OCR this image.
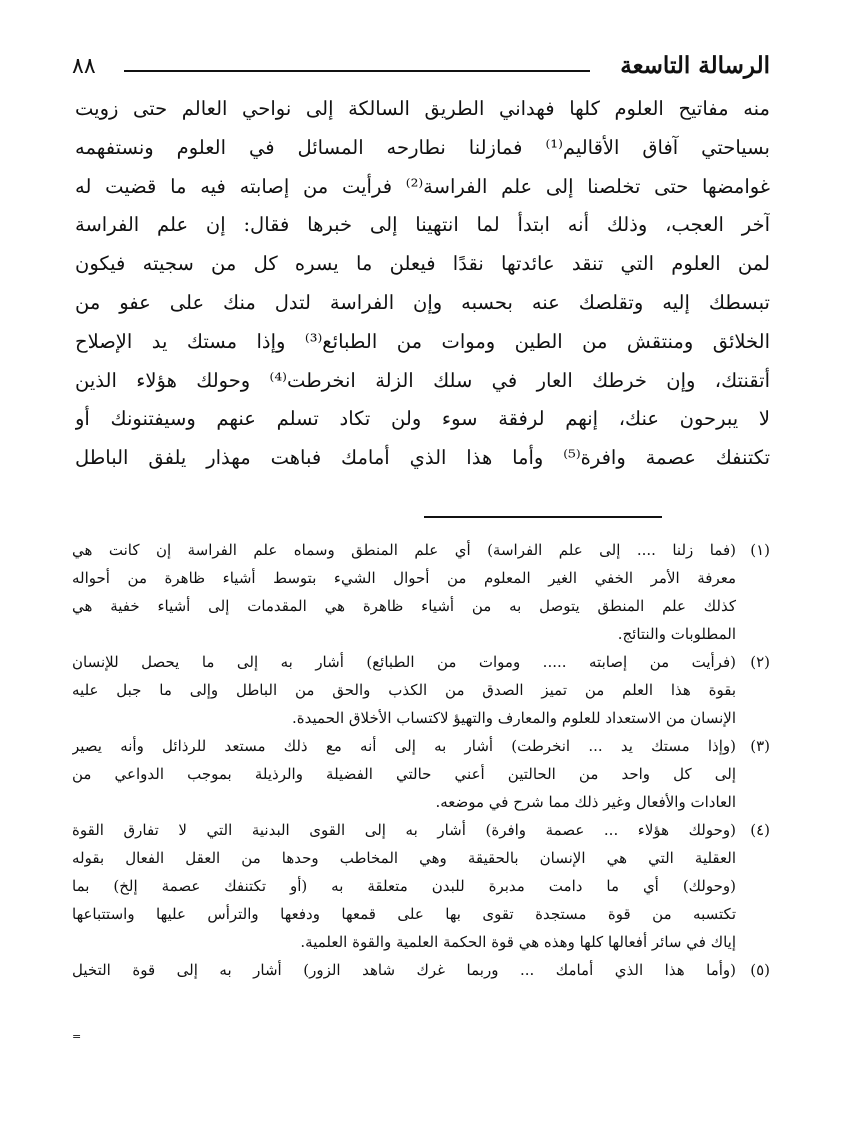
٨٨	الرسالة التاسعة
منه مفاتيح العلوم كلها فهداني الطريق السالكة إلى نواحي العالم حتى زويت
بسياحتي آفاق الأقاليم⁽¹⁾ فمازلنا نطارحه المسائل في العلوم ونستفهمه
غوامضها حتى تخلصنا إلى علم الفراسة⁽²⁾ فرأيت من إصابته فيه ما قضيت له
آخر العجب، وذلك أنه ابتدأ لما انتهينا إلى خبرها فقال: إن علم الفراسة
لمن العلوم التي تنقد عائدتها نقدًا فيعلن ما يسره كل من سجيته فيكون
تبسطك إليه وتقلصك عنه بحسبه وإن الفراسة لتدل منك على عفو من
الخلائق ومنتقش من الطين وموات من الطبائع⁽³⁾ وإذا مستك يد الإصلاح
أتقنتك، وإن خرطك العار في سلك الزلة انخرطت⁽⁴⁾ وحولك هؤلاء الذين
لا يبرحون عنك، إنهم لرفقة سوء ولن تكاد تسلم عنهم وسيفتنونك أو
تكتنفك عصمة وافرة⁽⁵⁾ وأما هذا الذي أمامك فباهت مهذار يلفق الباطل
(١)(فما زلنا .... إلى علم الفراسة) أي علم المنطق وسماه علم الفراسة إن كانت هي
معرفة الأمر الخفي الغير المعلوم من أحوال الشيء بتوسط أشياء ظاهرة من أحواله
كذلك علم المنطق يتوصل به من أشياء ظاهرة هي المقدمات إلى أشياء خفية هي
المطلوبات والنتائج.
(٢)(فرأيت من إصابته ..... وموات من الطبائع) أشار به إلى ما يحصل للإنسان
بقوة هذا العلم من تميز الصدق من الكذب والحق من الباطل وإلى ما جبل عليه
الإنسان من الاستعداد للعلوم والمعارف والتهيؤ لاكتساب الأخلاق الحميدة.
(٣)(وإذا مستك يد ... انخرطت) أشار به إلى أنه مع ذلك مستعد للرذائل وأنه يصير
إلى كل واحد من الحالتين أعني حالتي الفضيلة والرذيلة بموجب الدواعي من
العادات والأفعال وغير ذلك مما شرح في موضعه.
(٤)(وحولك هؤلاء ... عصمة وافرة) أشار به إلى القوى البدنية التي لا تفارق القوة
العقلية التي هي الإنسان بالحقيقة وهي المخاطب وحدها من العقل الفعال بقوله
(وحولك) أي ما دامت مدبرة للبدن متعلقة به (أو تكتنفك عصمة إلخ) بما
تكتسبه من قوة مستجدة تقوى بها على قمعها ودفعها والترأس عليها واستتباعها
إياك في سائر أفعالها كلها وهذه هي قوة الحكمة العلمية والقوة العلمية.
(٥)(وأما هذا الذي أمامك ... وربما غرك شاهد الزور) أشار به إلى قوة التخيل
=
